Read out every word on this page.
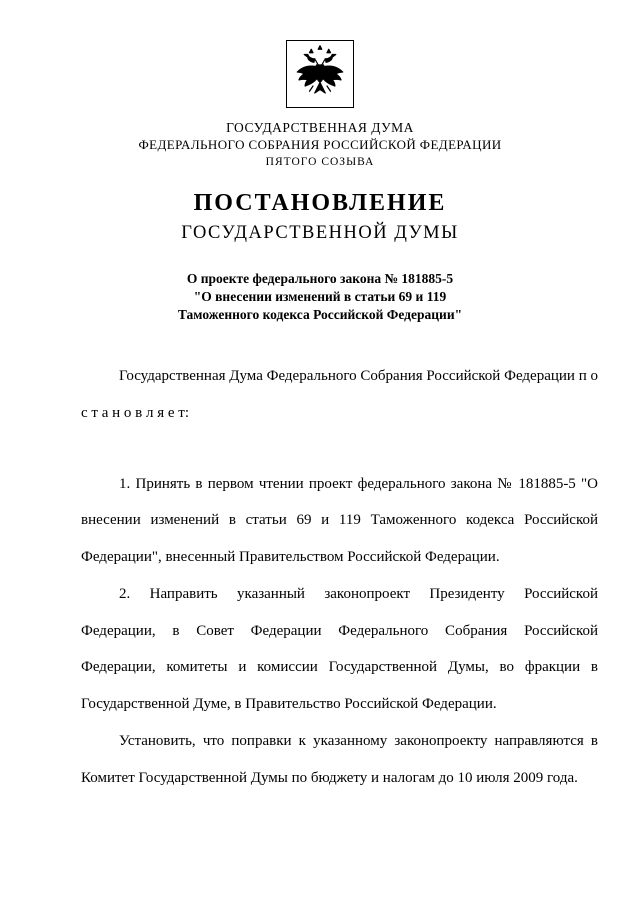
ГОСУДАРСТВЕННАЯ ДУМА
ФЕДЕРАЛЬНОГО СОБРАНИЯ РОССИЙСКОЙ ФЕДЕРАЦИИ
ПЯТОГО СОЗЫВА
ПОСТАНОВЛЕНИЕ
ГОСУДАРСТВЕННОЙ ДУМЫ
О проекте федерального закона № 181885-5
"О внесении изменений в статьи 69 и 119
Таможенного кодекса Российской Федерации"

Государственная Дума Федерального Собрания Российской Федерации п о с т а н о в л я е т:

1. Принять в первом чтении проект федерального закона № 181885-5 "О внесении изменений в статьи 69 и 119 Таможенного кодекса Российской Федерации", внесенный Правительством Российской Федерации.

2. Направить указанный законопроект Президенту Российской Федерации, в Совет Федерации Федерального Собрания Российской Федерации, комитеты и комиссии Государственной Думы, во фракции в Государственной Думе, в Правительство Российской Федерации.

Установить, что поправки к указанному законопроекту направляются в Комитет Государственной Думы по бюджету и налогам до 10 июля 2009 года.
